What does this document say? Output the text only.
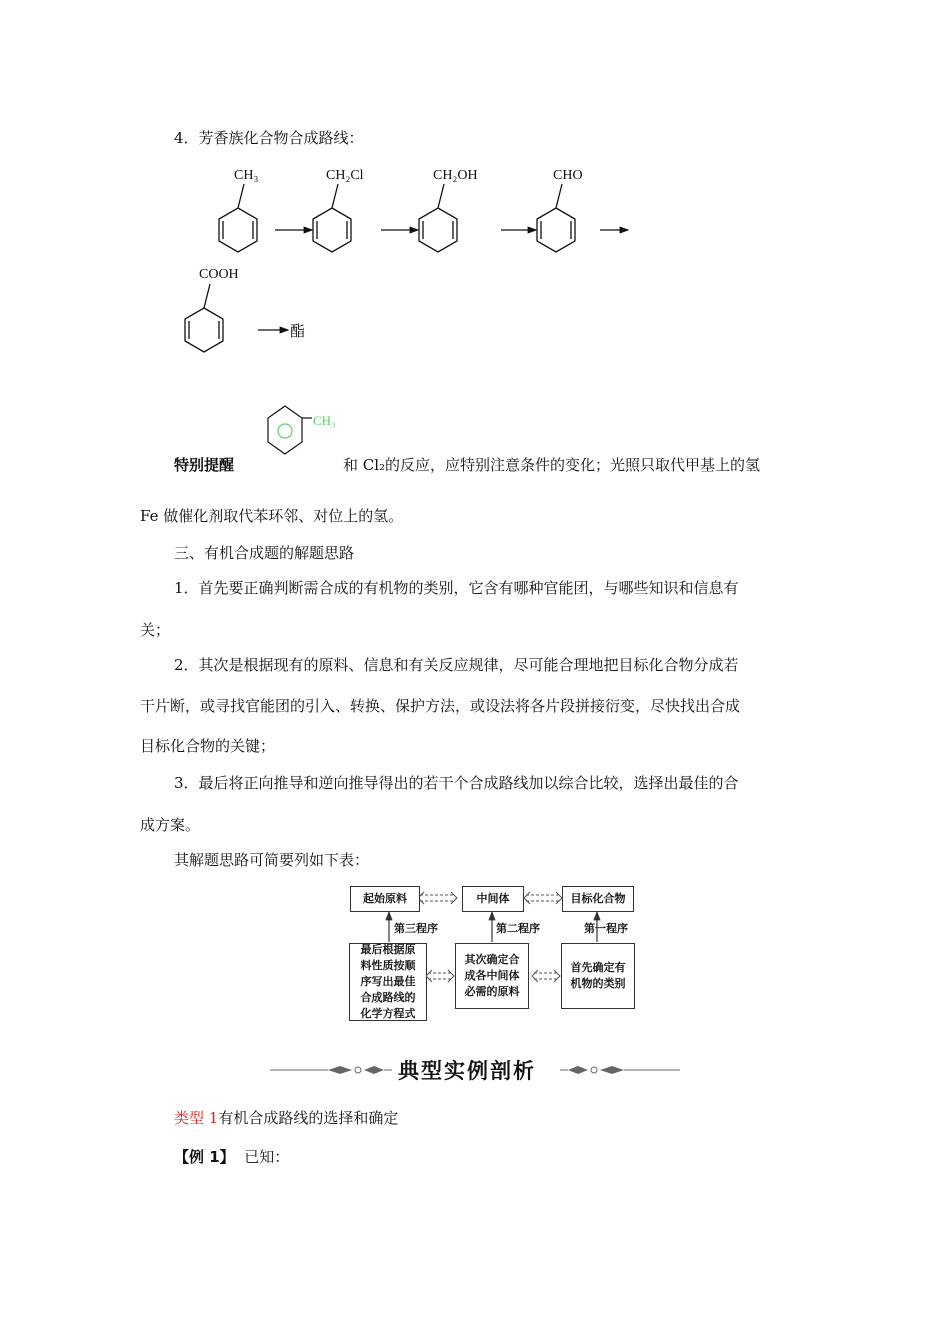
4．芳香族化合物合成路线：
CH₃	CH₂Cl	CH₂OH	CHO
COOH
酯
CH₃
特别提醒	和 Cl₂的反应，应特别注意条件的变化；光照只取代甲基上的氢
Fe 做催化剂取代苯环邻、对位上的氢。
三、有机合成题的解题思路
1．首先要正确判断需合成的有机物的类别，它含有哪种官能团，与哪些知识和信息有
关；
2．其次是根据现有的原料、信息和有关反应规律，尽可能合理地把目标化合物分成若
干片断，或寻找官能团的引入、转换、保护方法，或设法将各片段拼接衍变，尽快找出合成
目标化合物的关键；
3．最后将正向推导和逆向推导得出的若干个合成路线加以综合比较，选择出最佳的合
成方案。
其解题思路可简要列如下表：
起始原料	中间体	目标化合物
第三程序	第二程序	第一程序
最后根据原
料性质按顺
序写出最佳
合成路线的
化学方程式
其次确定合
成各中间体
必需的原料
首先确定有
机物的类别
典型实例剖析
类型 1有机合成路线的选择和确定
【例 1】 已知：
